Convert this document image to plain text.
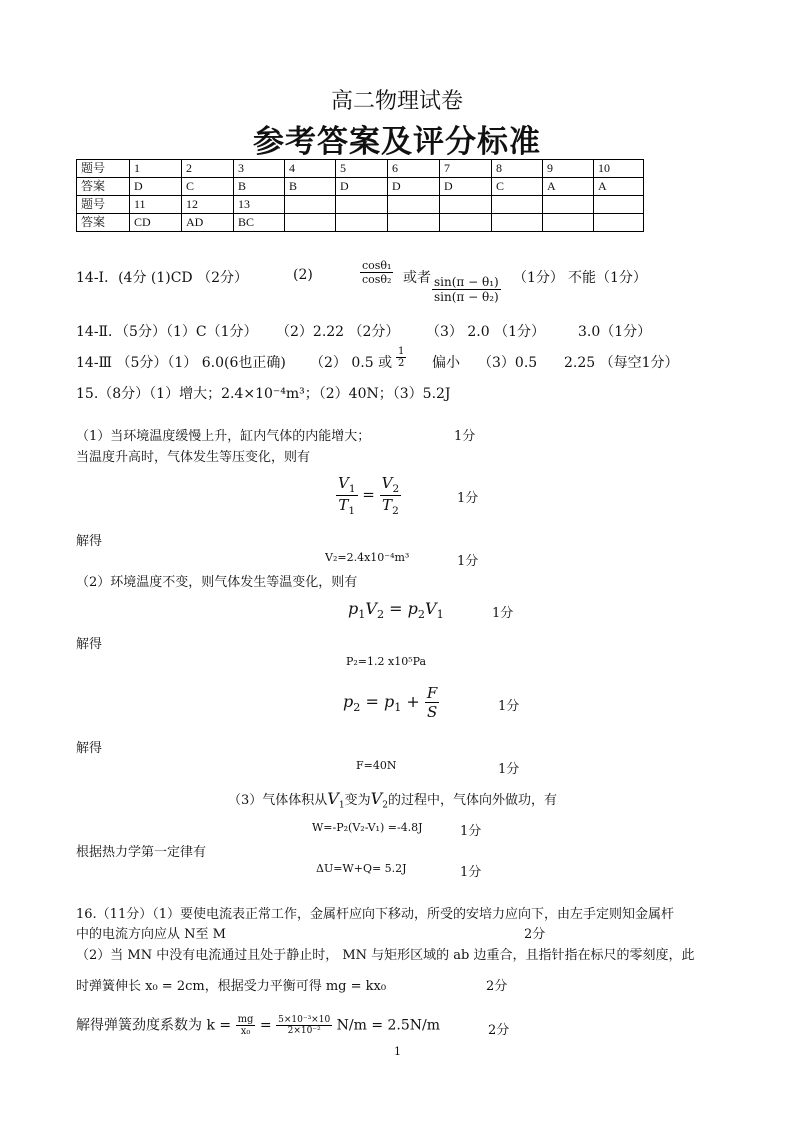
高二物理试卷
参考答案及评分标准
题号	1	2	3	4	5	6	7	8	9	10
答案	D	C	B	B	D	D	D	C	A	A
题号	11	12	13							
答案	CD	AD	BC							
14-Ⅰ．(4分 (1)CD （2分）	(2)	$\frac{\text{cosθ₁}}{\text{cosθ₂}}$ 或者 $\frac{\text{sin(π − θ₁)}}{\text{sin(π − θ₂)}} (1$分） 不能（1分）
14-Ⅱ．（5分）（1）C（1分） （2）2.22 （2分） （3） 2.0 （1分） 3.0（1分）
14-Ⅲ （5分）（1） 6.0(6也正确) （2） 0.5 或 $\frac{1}{2}$ 偏小 （3）0.5 2.25 （每空1分）
15.（8分）（1）增大；2.4×10⁻⁴m³；（2）40N；（3）5.2J
（1）当环境温度缓慢上升，缸内气体的内能增大；	1分
当温度升高时，气体发生等压变化，则有
$\frac{V_1}{T_1} = \frac{V_2}{T_2}$	1分
解得
V₂=2.4x10⁻⁴m³	1分
（2）环境温度不变，则气体发生等温变化，则有
$p_1V_2 = p_2V_1$	1分
解得
P₂=1.2 x10⁵Pa
$p_2 = p_1 + \frac{F}{S}$	1分
解得
F=40N	1分
（3）气体体积从$V_1$变为$V_2$的过程中，气体向外做功，有
W=-P₂(V₂-V₁) =-4.8J	1分
根据热力学第一定律有
ΔU=W+Q= 5.2J	1分
16.（11分）（1）要使电流表正常工作，金属杆应向下移动，所受的安培力应向下，由左手定则知金属杆
中的电流方向应从 N至 M	2分
（2）当 MN 中没有电流通过且处于静止时， MN 与矩形区域的 ab 边重合，且指针指在标尺的零刻度，此
时弹簧伸长 x₀ = 2cm，根据受力平衡可得 mg = kx₀	2分
解得弹簧劲度系数为 $k = \frac{mg}{\text{x₀}} = \frac{\text{5×10⁻³×10}}{\text{2×10⁻²}} N/m = 2.5N/m$	2分
1
